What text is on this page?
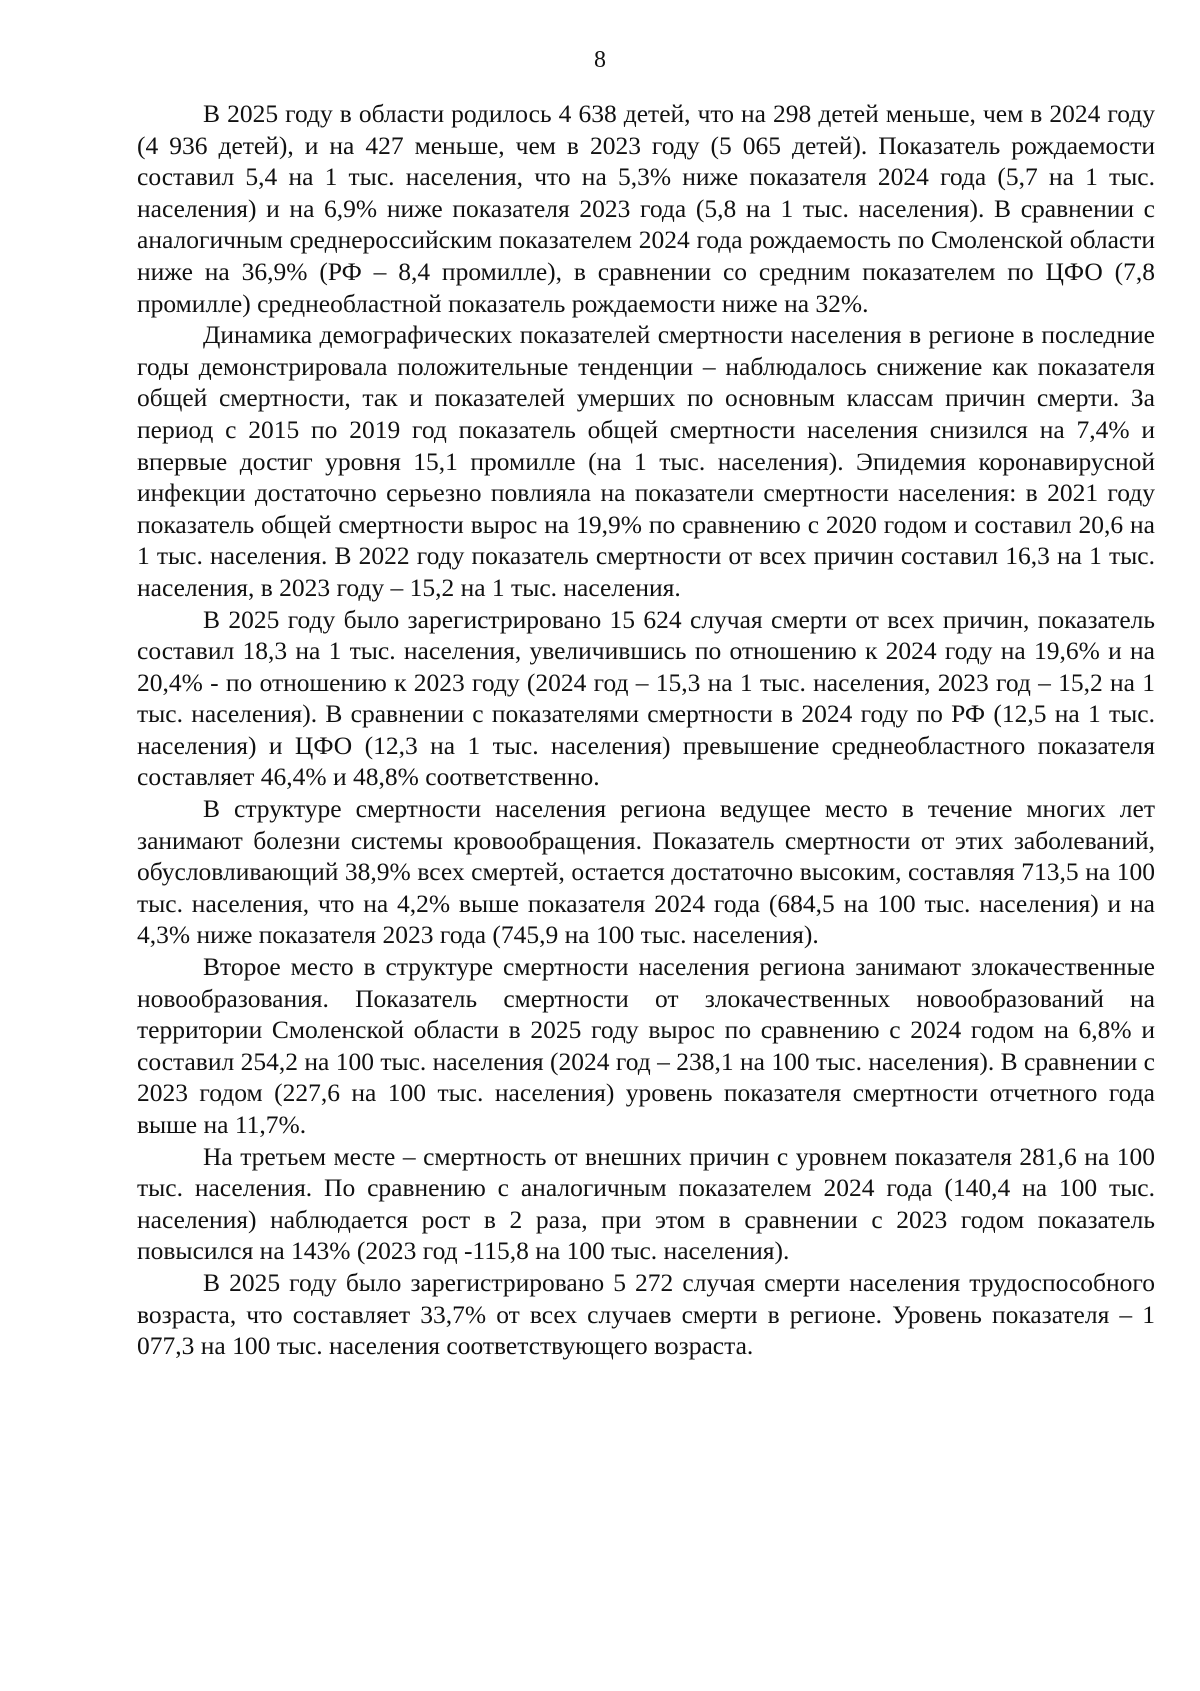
8

В 2025 году в области родилось 4 638 детей, что на 298 детей меньше, чем в 2024 году (4 936 детей), и на 427 меньше, чем в 2023 году (5 065 детей). Показатель рождаемости составил 5,4 на 1 тыс. населения, что на 5,3% ниже показателя 2024 года (5,7 на 1 тыс. населения) и на 6,9% ниже показателя 2023 года (5,8 на 1 тыс. населения). В сравнении с аналогичным среднероссийским показателем 2024 года рождаемость по Смоленской области ниже на 36,9% (РФ – 8,4 промилле), в сравнении со средним показателем по ЦФО (7,8 промилле) среднеобластной показатель рождаемости ниже на 32%.

Динамика демографических показателей смертности населения в регионе в последние годы демонстрировала положительные тенденции – наблюдалось снижение как показателя общей смертности, так и показателей умерших по основным классам причин смерти. За период с 2015 по 2019 год показатель общей смертности населения снизился на 7,4% и впервые достиг уровня 15,1 промилле (на 1 тыс. населения). Эпидемия коронавирусной инфекции достаточно серьезно повлияла на показатели смертности населения: в 2021 году показатель общей смертности вырос на 19,9% по сравнению с 2020 годом и составил 20,6 на 1 тыс. населения. В 2022 году показатель смертности от всех причин составил 16,3 на 1 тыс. населения, в 2023 году – 15,2 на 1 тыс. населения.

В 2025 году было зарегистрировано 15 624 случая смерти от всех причин, показатель составил 18,3 на 1 тыс. населения, увеличившись по отношению к 2024 году на 19,6% и на 20,4% - по отношению к 2023 году (2024 год – 15,3 на 1 тыс. населения, 2023 год – 15,2 на 1 тыс. населения). В сравнении с показателями смертности в 2024 году по РФ (12,5 на 1 тыс. населения) и ЦФО (12,3 на 1 тыс. населения) превышение среднеобластного показателя составляет 46,4% и 48,8% соответственно.

В структуре смертности населения региона ведущее место в течение многих лет занимают болезни системы кровообращения. Показатель смертности от этих заболеваний, обусловливающий 38,9% всех смертей, остается достаточно высоким, составляя 713,5 на 100 тыс. населения, что на 4,2% выше показателя 2024 года (684,5 на 100 тыс. населения) и на 4,3% ниже показателя 2023 года (745,9 на 100 тыс. населения).

Второе место в структуре смертности населения региона занимают злокачественные новообразования. Показатель смертности от злокачественных новообразований на территории Смоленской области в 2025 году вырос по сравнению с 2024 годом на 6,8% и составил 254,2 на 100 тыс. населения (2024 год – 238,1 на 100 тыс. населения). В сравнении с 2023 годом (227,6 на 100 тыс. населения) уровень показателя смертности отчетного года выше на 11,7%.

На третьем месте – смертность от внешних причин с уровнем показателя 281,6 на 100 тыс. населения. По сравнению с аналогичным показателем 2024 года (140,4 на 100 тыс. населения) наблюдается рост в 2 раза, при этом в сравнении с 2023 годом показатель повысился на 143% (2023 год -115,8 на 100 тыс. населения).

В 2025 году было зарегистрировано 5 272 случая смерти населения трудоспособного возраста, что составляет 33,7% от всех случаев смерти в регионе. Уровень показателя – 1 077,3 на 100 тыс. населения соответствующего возраста.
